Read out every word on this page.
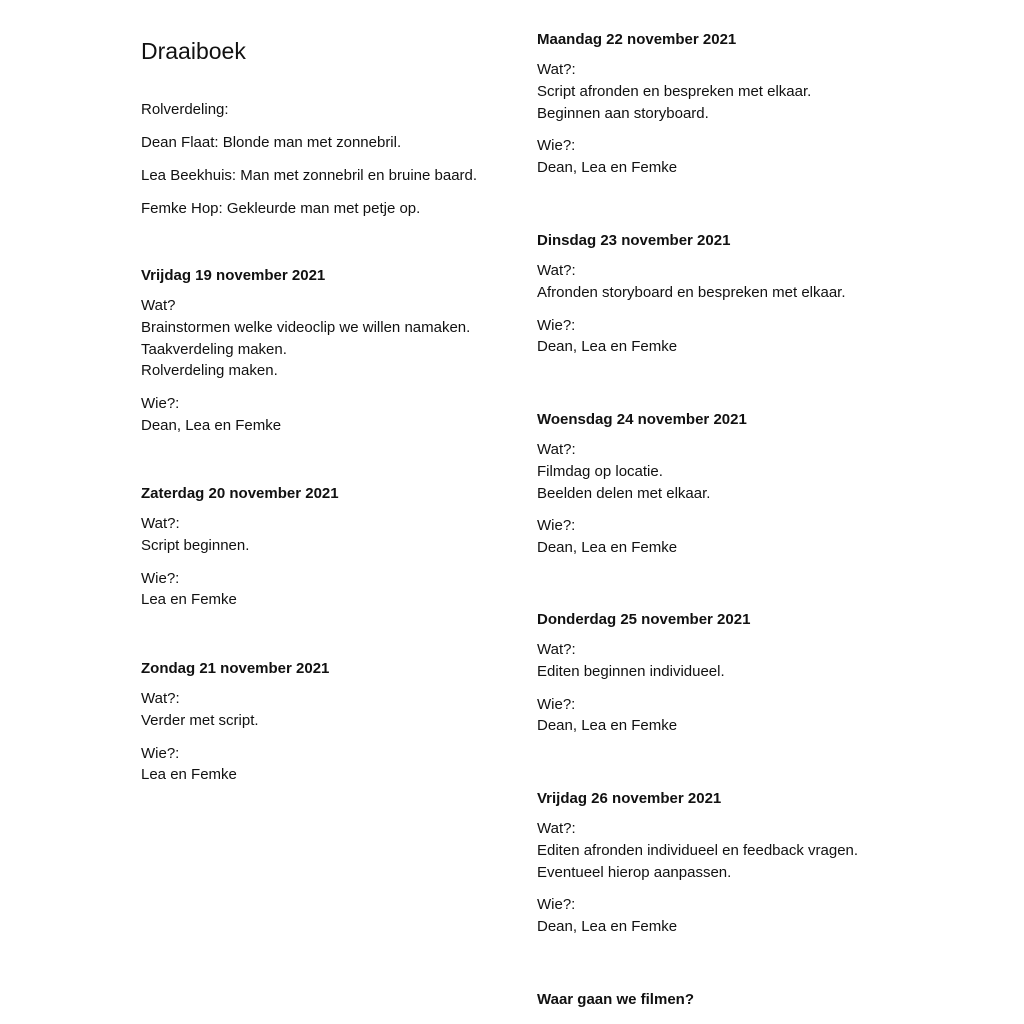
Draaiboek
Rolverdeling:
Dean Flaat: Blonde man met zonnebril.
Lea Beekhuis: Man met zonnebril en bruine baard.
Femke Hop: Gekleurde man met petje op.
Vrijdag 19 november 2021
Wat?
Brainstormen welke videoclip we willen namaken.
Taakverdeling maken.
Rolverdeling maken.
Wie?:
Dean, Lea en Femke
Zaterdag 20 november 2021
Wat?:
Script beginnen.
Wie?:
Lea en Femke
Zondag 21 november 2021
Wat?:
Verder met script.
Wie?:
Lea en Femke
Maandag 22 november 2021
Wat?:
Script afronden en bespreken met elkaar.
Beginnen aan storyboard.
Wie?:
Dean, Lea en Femke
Dinsdag 23 november 2021
Wat?:
Afronden storyboard en bespreken met elkaar.
Wie?:
Dean, Lea en Femke
Woensdag 24 november 2021
Wat?:
Filmdag op locatie.
Beelden delen met elkaar.
Wie?:
Dean, Lea en Femke
Donderdag 25 november 2021
Wat?:
Editen beginnen individueel.
Wie?:
Dean, Lea en Femke
Vrijdag 26 november 2021
Wat?:
Editen afronden individueel en feedback vragen.
Eventueel hierop aanpassen.
Wie?:
Dean, Lea en Femke
Waar gaan we filmen?
